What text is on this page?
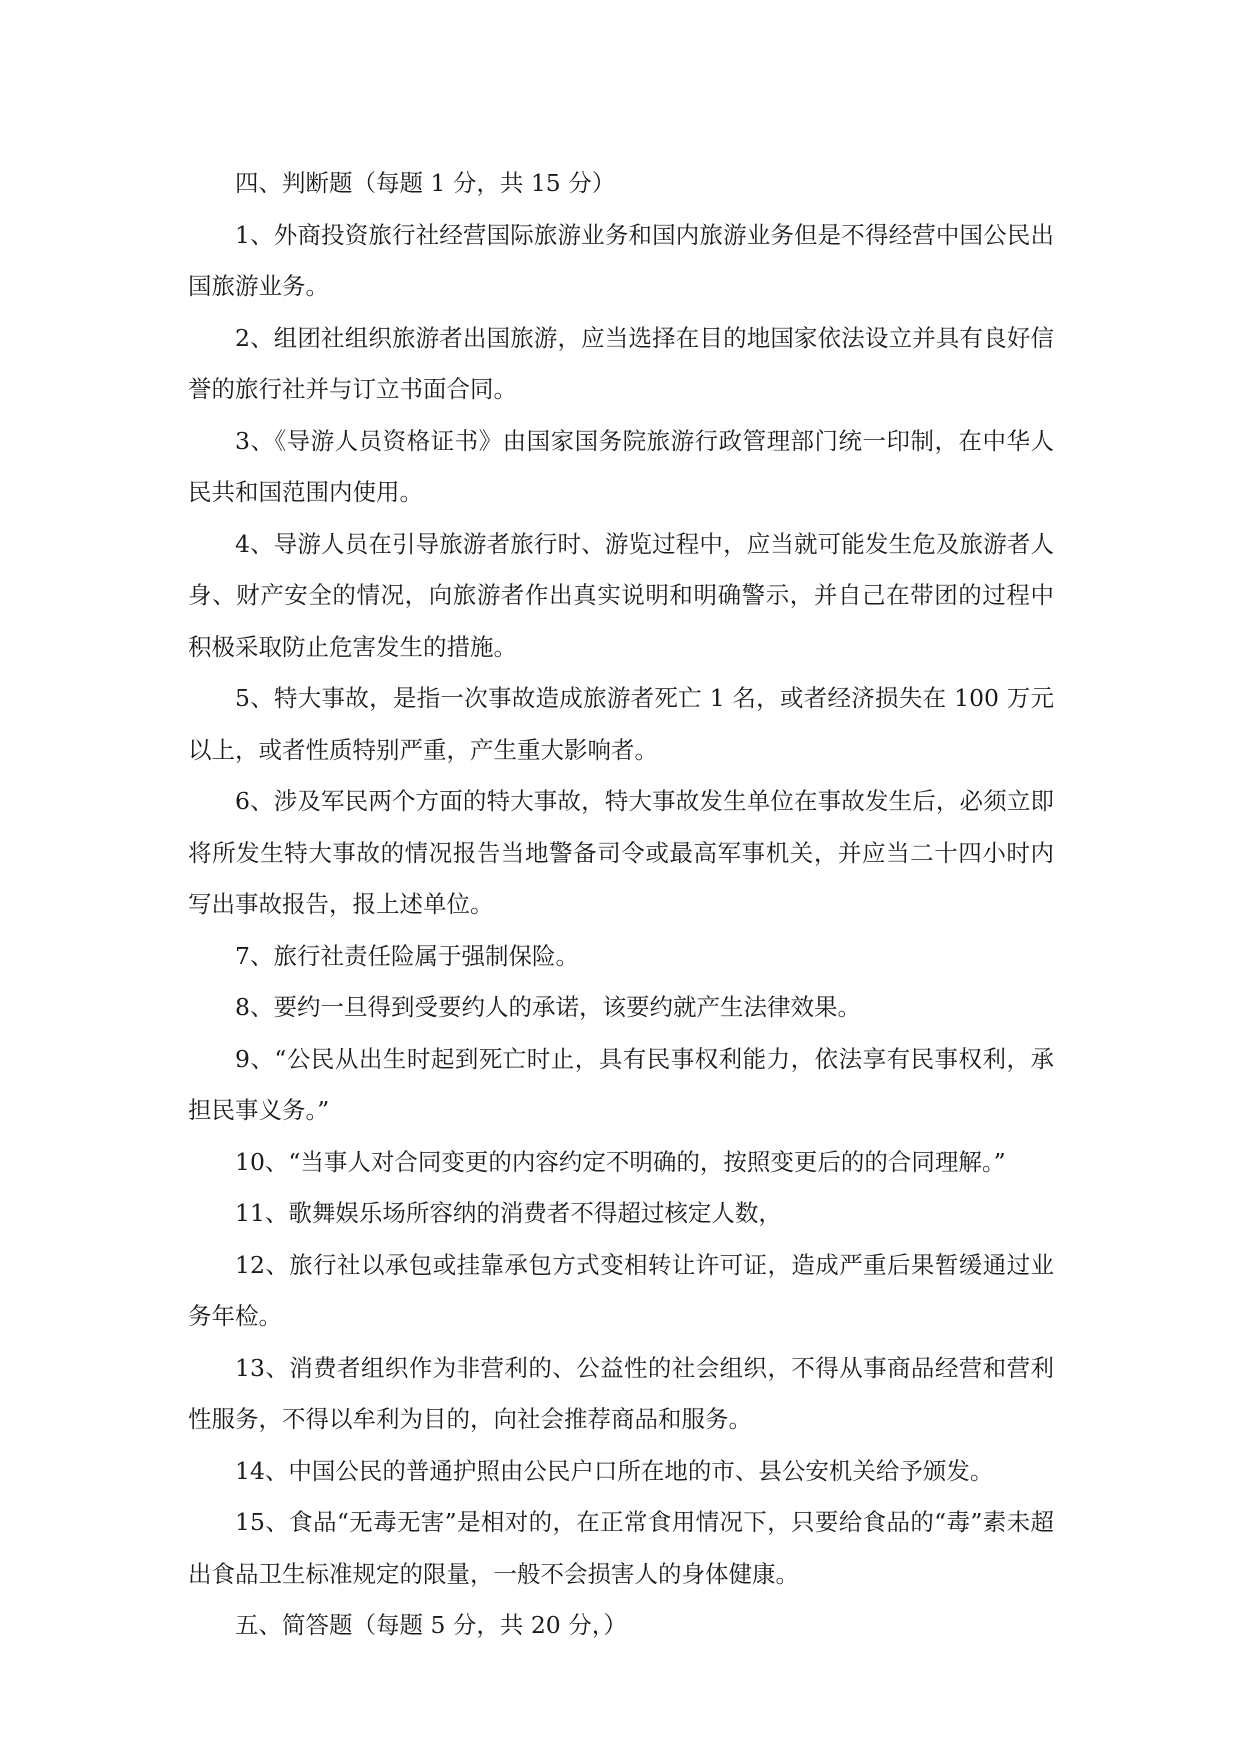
四、判断题（每题 1 分，共 15 分）

1、外商投资旅行社经营国际旅游业务和国内旅游业务但是不得经营中国公民出国旅游业务。

2、组团社组织旅游者出国旅游，应当选择在目的地国家依法设立并具有良好信誉的旅行社并与订立书面合同。

3、《导游人员资格证书》由国家国务院旅游行政管理部门统一印制，在中华人民共和国范围内使用。

4、导游人员在引导旅游者旅行时、游览过程中，应当就可能发生危及旅游者人身、财产安全的情况，向旅游者作出真实说明和明确警示，并自己在带团的过程中积极采取防止危害发生的措施。

5、特大事故，是指一次事故造成旅游者死亡 1 名，或者经济损失在 100 万元以上，或者性质特别严重，产生重大影响者。

6、涉及军民两个方面的特大事故，特大事故发生单位在事故发生后，必须立即将所发生特大事故的情况报告当地警备司令或最高军事机关，并应当二十四小时内写出事故报告，报上述单位。

7、旅行社责任险属于强制保险。

8、要约一旦得到受要约人的承诺，该要约就产生法律效果。

9、“公民从出生时起到死亡时止，具有民事权利能力，依法享有民事权利，承担民事义务。”

10、“当事人对合同变更的内容约定不明确的，按照变更后的的合同理解。”

11、歌舞娱乐场所容纳的消费者不得超过核定人数，

12、旅行社以承包或挂靠承包方式变相转让许可证，造成严重后果暂缓通过业务年检。

13、消费者组织作为非营利的、公益性的社会组织，不得从事商品经营和营利性服务，不得以牟利为目的，向社会推荐商品和服务。

14、中国公民的普通护照由公民户口所在地的市、县公安机关给予颁发。

15、食品“无毒无害”是相对的，在正常食用情况下，只要给食品的“毒”素未超出食品卫生标准规定的限量，一般不会损害人的身体健康。

五、简答题（每题 5 分，共 20 分，）
